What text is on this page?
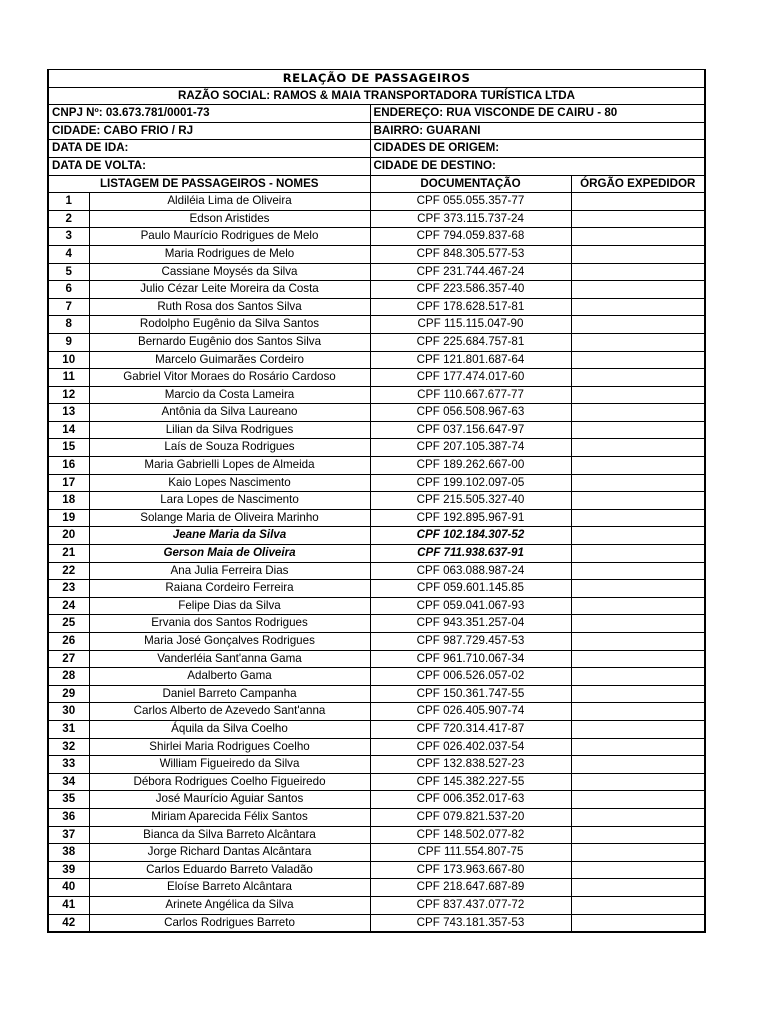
RELAÇÃO DE PASSAGEIROS			
RAZÃO SOCIAL: RAMOS & MAIA TRANSPORTADORA TURÍSTICA LTDA			
CNPJ Nº: 03.673.781/0001-73		ENDEREÇO: RUA VISCONDE DE CAIRU - 80	
CIDADE: CABO FRIO / RJ		BAIRRO: GUARANI	
DATA DE IDA:		CIDADES DE ORIGEM:	
DATA DE VOLTA:		CIDADE DE DESTINO:	
LISTAGEM DE PASSAGEIROS - NOMES		DOCUMENTAÇÃO	ÓRGÃO EXPEDIDOR
1	Aldiléia Lima de Oliveira	CPF 055.055.357-77	
2	Edson Aristides	CPF 373.115.737-24	
3	Paulo Maurício Rodrigues de Melo	CPF 794.059.837-68	
4	Maria Rodrigues de Melo	CPF 848.305.577-53	
5	Cassiane Moysés da Silva	CPF 231.744.467-24	
6	Julio Cézar Leite Moreira da Costa	CPF 223.586.357-40	
7	Ruth Rosa dos Santos Silva	CPF 178.628.517-81	
8	Rodolpho Eugênio da Silva Santos	CPF 115.115.047-90	
9	Bernardo Eugênio dos Santos Silva	CPF 225.684.757-81	
10	Marcelo Guimarães Cordeiro	CPF 121.801.687-64	
11	Gabriel Vitor Moraes do Rosário Cardoso	CPF 177.474.017-60	
12	Marcio da Costa Lameira	CPF 110.667.677-77	
13	Antônia da Silva Laureano	CPF 056.508.967-63	
14	Lilian da Silva Rodrigues	CPF 037.156.647-97	
15	Laís de Souza Rodrigues	CPF 207.105.387-74	
16	Maria Gabrielli Lopes de Almeida	CPF 189.262.667-00	
17	Kaio Lopes Nascimento	CPF 199.102.097-05	
18	Lara Lopes de Nascimento	CPF 215.505.327-40	
19	Solange Maria de Oliveira Marinho	CPF 192.895.967-91	
20	Jeane Maria da Silva	CPF 102.184.307-52	
21	Gerson Maia de Oliveira	CPF 711.938.637-91	
22	Ana Julia Ferreira Dias	CPF 063.088.987-24	
23	Raiana Cordeiro Ferreira	CPF 059.601.145.85	
24	Felipe Dias da Silva	CPF 059.041.067-93	
25	Ervania dos Santos Rodrigues	CPF 943.351.257-04	
26	Maria José Gonçalves Rodrigues	CPF 987.729.457-53	
27	Vanderléia Sant'anna Gama	CPF 961.710.067-34	
28	Adalberto Gama	CPF 006.526.057-02	
29	Daniel Barreto Campanha	CPF 150.361.747-55	
30	Carlos Alberto de Azevedo Sant'anna	CPF 026.405.907-74	
31	Áquila da Silva Coelho	CPF 720.314.417-87	
32	Shirlei Maria Rodrigues Coelho	CPF 026.402.037-54	
33	William Figueiredo da Silva	CPF 132.838.527-23	
34	Débora Rodrigues Coelho Figueiredo	CPF 145.382.227-55	
35	José Maurício Aguiar Santos	CPF 006.352.017-63	
36	Miriam Aparecida Félix Santos	CPF 079.821.537-20	
37	Bianca da Silva Barreto Alcântara	CPF 148.502.077-82	
38	Jorge Richard Dantas Alcântara	CPF 111.554.807-75	
39	Carlos Eduardo Barreto Valadão	CPF 173.963.667-80	
40	Eloíse Barreto Alcântara	CPF 218.647.687-89	
41	Arinete Angélica da Silva	CPF 837.437.077-72	
42	Carlos Rodrigues Barreto	CPF 743.181.357-53	
